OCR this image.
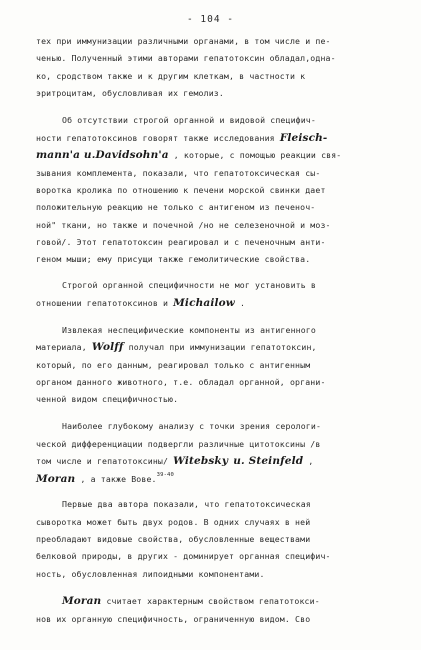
- 104 -
тех при иммунизации различными органами, в том числе и пе-
ченью. Полученный этими авторами гепатотоксин обладал,одна-
ко, сродством также и к другим клеткам, в частности к
эритроцитам, обусловливая их гемолиз.
Об отсутствии строгой органной и видовой специфич-
ности гепатотоксинов говорят также исследования Fleisch-
mann'a u.Davidsohn'a , которые, с помощью реакции свя-
зывания комплемента, показали, что гепатотоксическая сы-
воротка кролика по отношению к печени морской свинки дает
положительную реакцию не только с антигеном из печеноч-
ной" ткани, но также и почечной /но не селезеночной и моз-
говой/. Этот гепатотоксин реагировал и с печеночным анти-
геном мыши; ему присущи также гемолитические свойства.
Строгой органной специфичности не мог установить в
отношении гепатотоксинов и Michailow .
Извлекая неспецифические компоненты из антигенного
материала, Wolff получал при иммунизации гепатотоксин,
который, по его данным, реагировал только с антигенным
органом данного животного, т.е. обладал органной, органи-
ченной видом специфичностью.
Наиболее глубокому анализу с точки зрения серологи-
ческой дифференциации подвергли различные цитотоксины /в
том числе и гепатотоксины/ Witebsky u. Steinfeld ,
Moran , а также Вове.$^{39-40}$
Первые два автора показали, что гепатотоксическая
сыворотка может быть двух родов. В одних случаях в ней
преобладают видовые свойства, обусловленные веществами
белковой природы, в других - доминирует органная специфич-
ность, обусловленная липоидными компонентами.
Moran считает характерным свойством гепатотокси-
нов их органную специфичность, ограниченную видом. Сво
